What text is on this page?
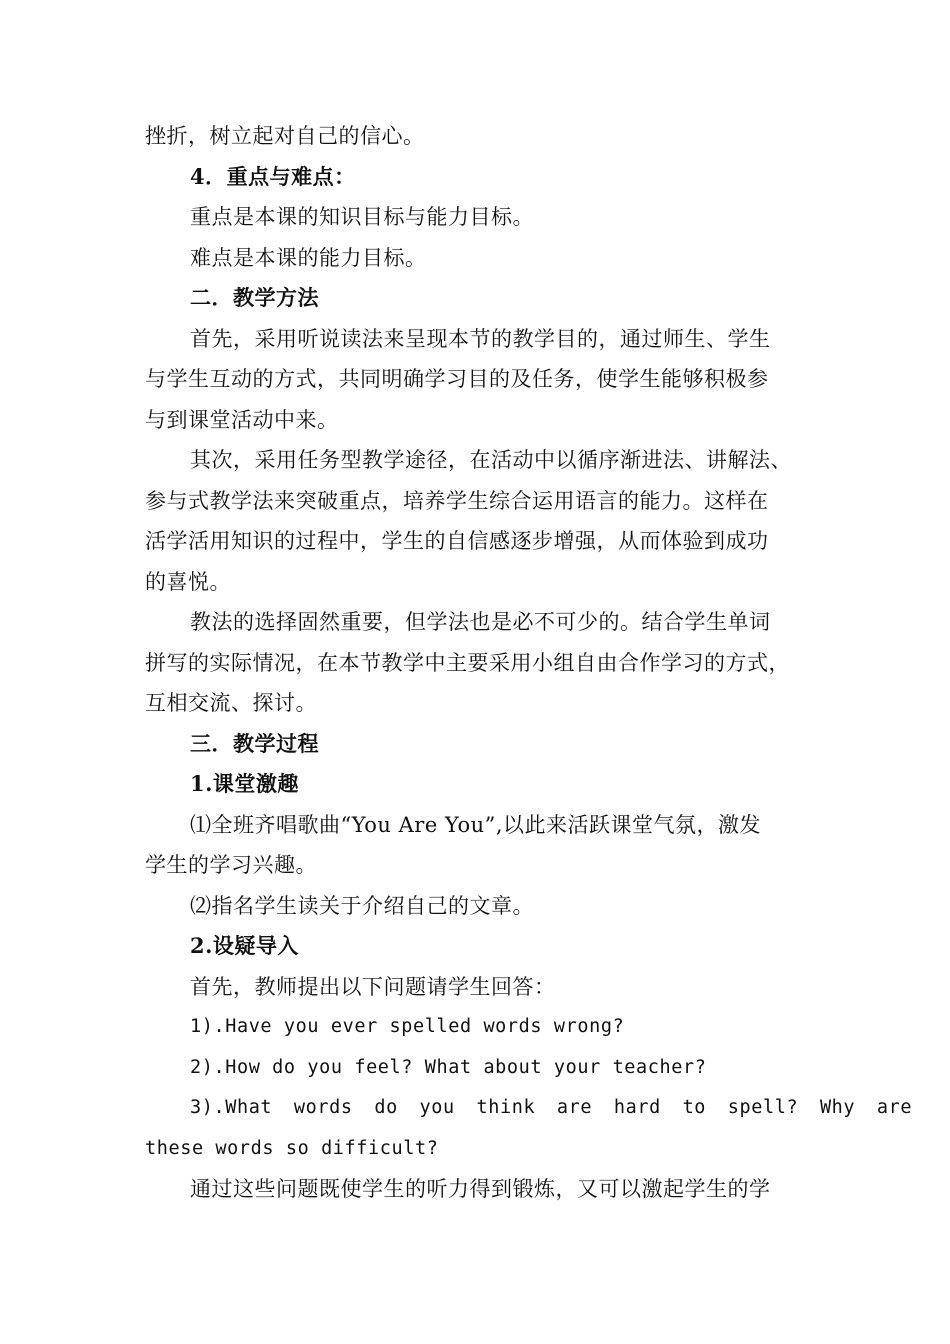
挫折，树立起对自己的信心。
4．重点与难点：
重点是本课的知识目标与能力目标。
难点是本课的能力目标。
二．教学方法
首先，采用听说读法来呈现本节的教学目的，通过师生、学生
与学生互动的方式，共同明确学习目的及任务，使学生能够积极参
与到课堂活动中来。
其次，采用任务型教学途径，在活动中以循序渐进法、讲解法、
参与式教学法来突破重点，培养学生综合运用语言的能力。这样在
活学活用知识的过程中，学生的自信感逐步增强，从而体验到成功
的喜悦。
教法的选择固然重要，但学法也是必不可少的。结合学生单词
拼写的实际情况，在本节教学中主要采用小组自由合作学习的方式，
互相交流、探讨。
三．教学过程
1.课堂激趣
⑴全班齐唱歌曲“You Are You”,以此来活跃课堂气氛，激发
学生的学习兴趣。
⑵指名学生读关于介绍自己的文章。
2.设疑导入
首先，教师提出以下问题请学生回答：
1).Have you ever spelled words wrong?
2).How do you feel? What about your teacher?
3).What words do you think are hard to spell? Why are
these words so difficult?
通过这些问题既使学生的听力得到锻炼，又可以激起学生的学
